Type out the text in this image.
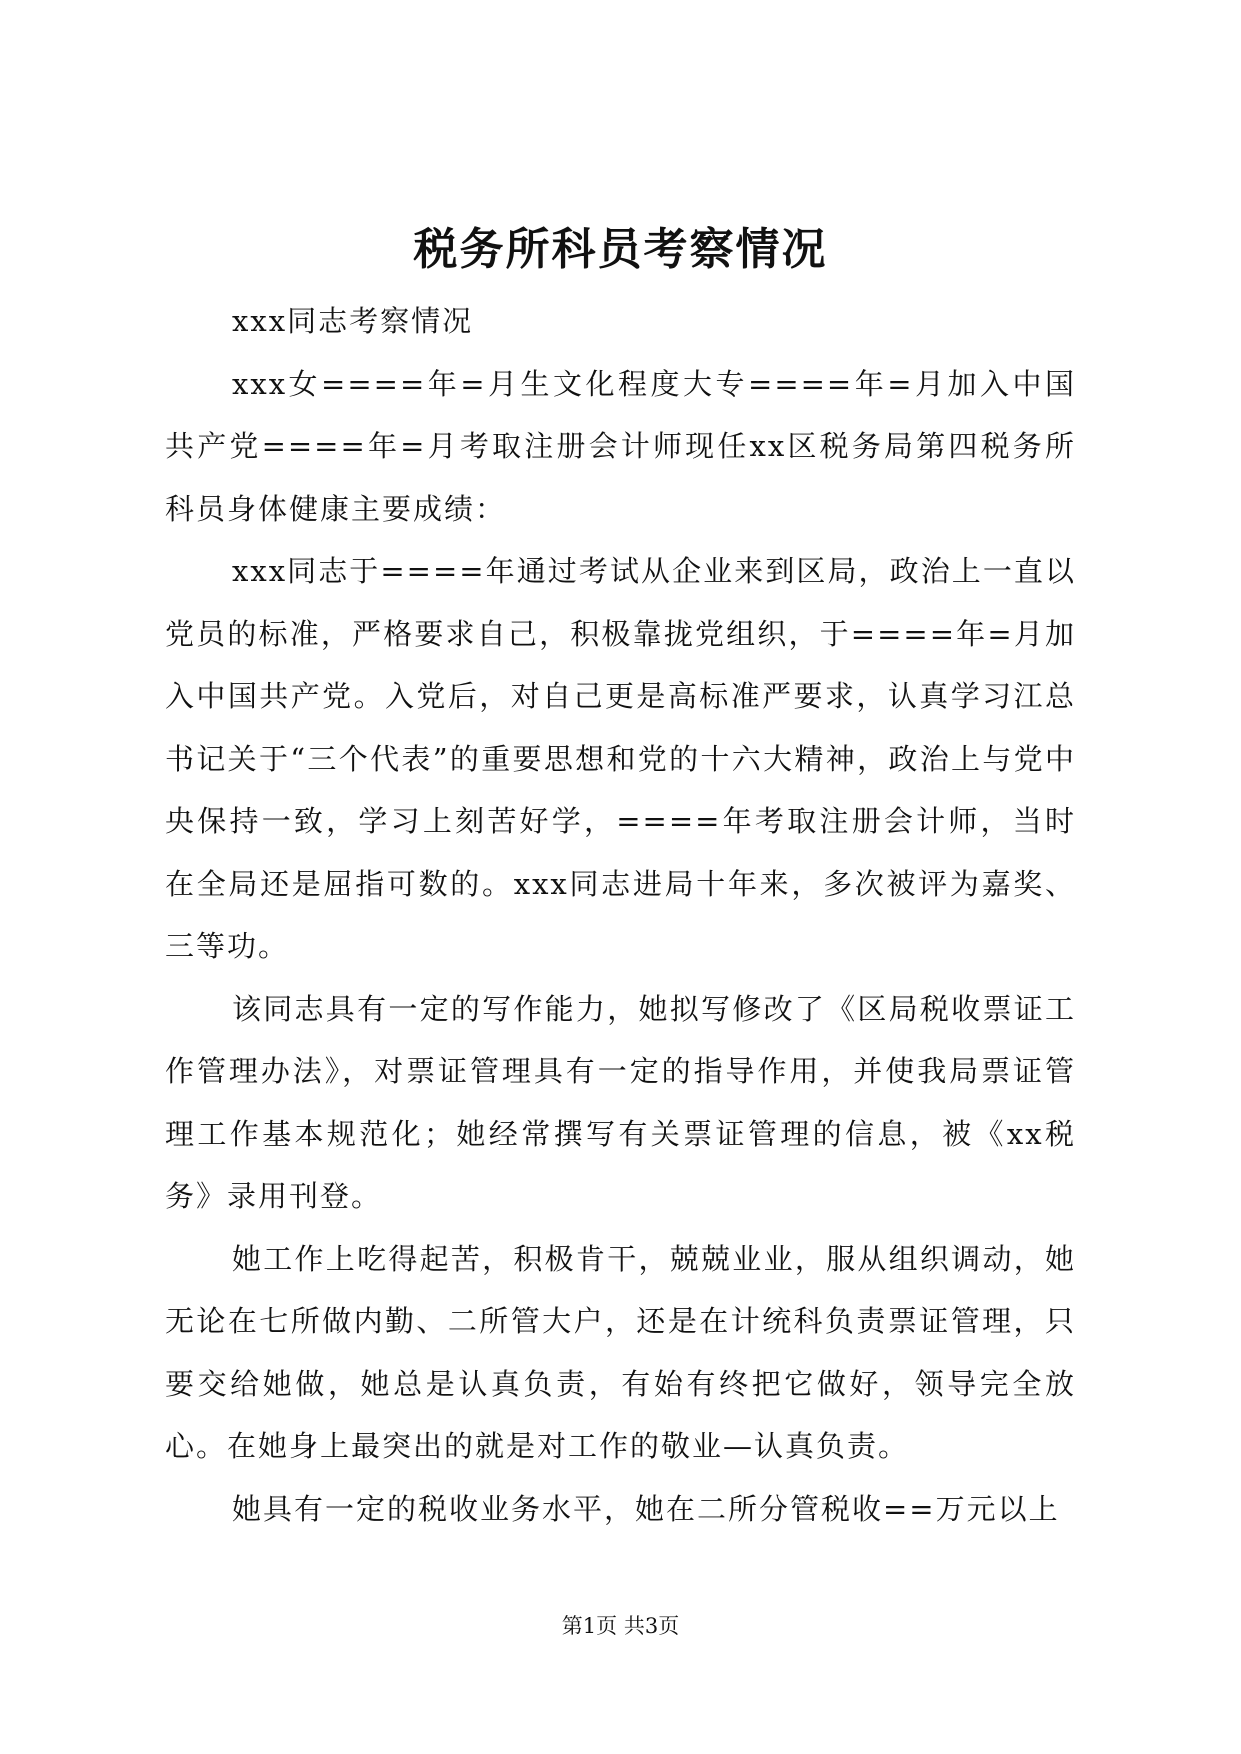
税务所科员考察情况

xxx同志考察情况

xxx女====年=月生文化程度大专====年=月加入中国共产党====年=月考取注册会计师现任xx区税务局第四税务所科员身体健康主要成绩：

xxx同志于====年通过考试从企业来到区局，政治上一直以党员的标准，严格要求自己，积极靠拢党组织，于====年=月加入中国共产党。入党后，对自己更是高标准严要求，认真学习江总书记关于“三个代表”的重要思想和党的十六大精神，政治上与党中央保持一致，学习上刻苦好学，====年考取注册会计师，当时在全局还是屈指可数的。xxx同志进局十年来，多次被评为嘉奖、三等功。

该同志具有一定的写作能力，她拟写修改了《区局税收票证工作管理办法》，对票证管理具有一定的指导作用，并使我局票证管理工作基本规范化；她经常撰写有关票证管理的信息，被《xx税务》录用刊登。

她工作上吃得起苦，积极肯干，兢兢业业，服从组织调动，她无论在七所做内勤、二所管大户，还是在计统科负责票证管理，只要交给她做，她总是认真负责，有始有终把它做好，领导完全放心。在她身上最突出的就是对工作的敬业—认真负责。

她具有一定的税收业务水平，她在二所分管税收==万元以上

第1页 共3页
